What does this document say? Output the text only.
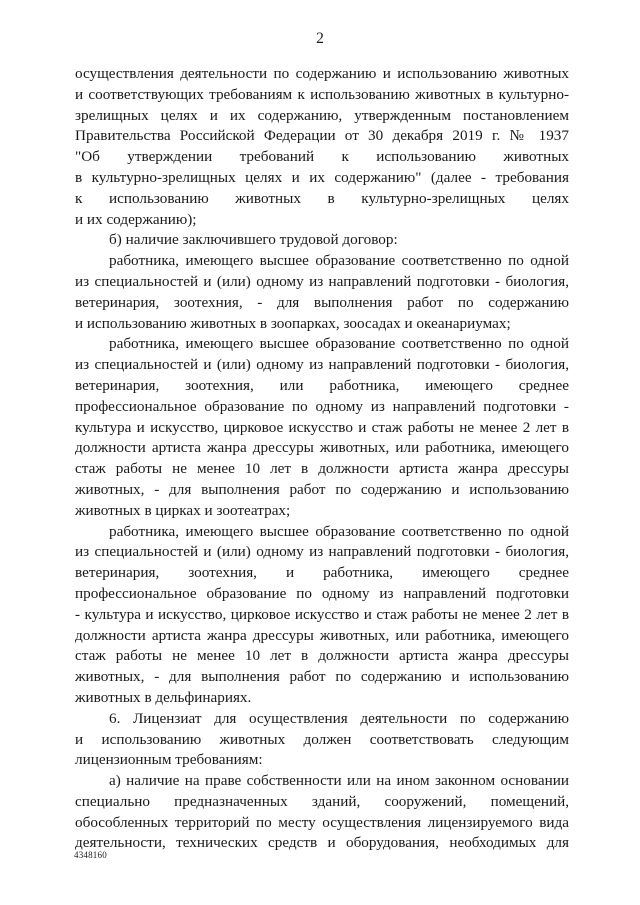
2
осуществления деятельности по содержанию и использованию животных
и соответствующих требованиям к использованию животных в культурно-
зрелищных целях и их содержанию, утвержденным постановлением
Правительства Российской Федерации от 30 декабря 2019 г. № 1937
"Об утверждении требований к использованию животных
в культурно-зрелищных целях и их содержанию" (далее - требования
к использованию животных в культурно-зрелищных целях
и их содержанию);
б) наличие заключившего трудовой договор:
работника, имеющего высшее образование соответственно по одной
из специальностей и (или) одному из направлений подготовки - биология,
ветеринария, зоотехния, - для выполнения работ по содержанию
и использованию животных в зоопарках, зоосадах и океанариумах;
работника, имеющего высшее образование соответственно по одной
из специальностей и (или) одному из направлений подготовки - биология,
ветеринария, зоотехния, или работника, имеющего среднее
профессиональное образование по одному из направлений подготовки -
культура и искусство, цирковое искусство и стаж работы не менее 2 лет в
должности артиста жанра дрессуры животных, или работника, имеющего
стаж работы не менее 10 лет в должности артиста жанра дрессуры
животных, - для выполнения работ по содержанию и использованию
животных в цирках и зоотеатрах;
работника, имеющего высшее образование соответственно по одной
из специальностей и (или) одному из направлений подготовки - биология,
ветеринария, зоотехния, и работника, имеющего среднее
профессиональное образование по одному из направлений подготовки
- культура и искусство, цирковое искусство и стаж работы не менее 2 лет в
должности артиста жанра дрессуры животных, или работника, имеющего
стаж работы не менее 10 лет в должности артиста жанра дрессуры
животных, - для выполнения работ по содержанию и использованию
животных в дельфинариях.
6. Лицензиат для осуществления деятельности по содержанию
и использованию животных должен соответствовать следующим
лицензионным требованиям:
а) наличие на праве собственности или на ином законном основании
специально предназначенных зданий, сооружений, помещений,
обособленных территорий по месту осуществления лицензируемого вида
деятельности, технических средств и оборудования, необходимых для
4348160
